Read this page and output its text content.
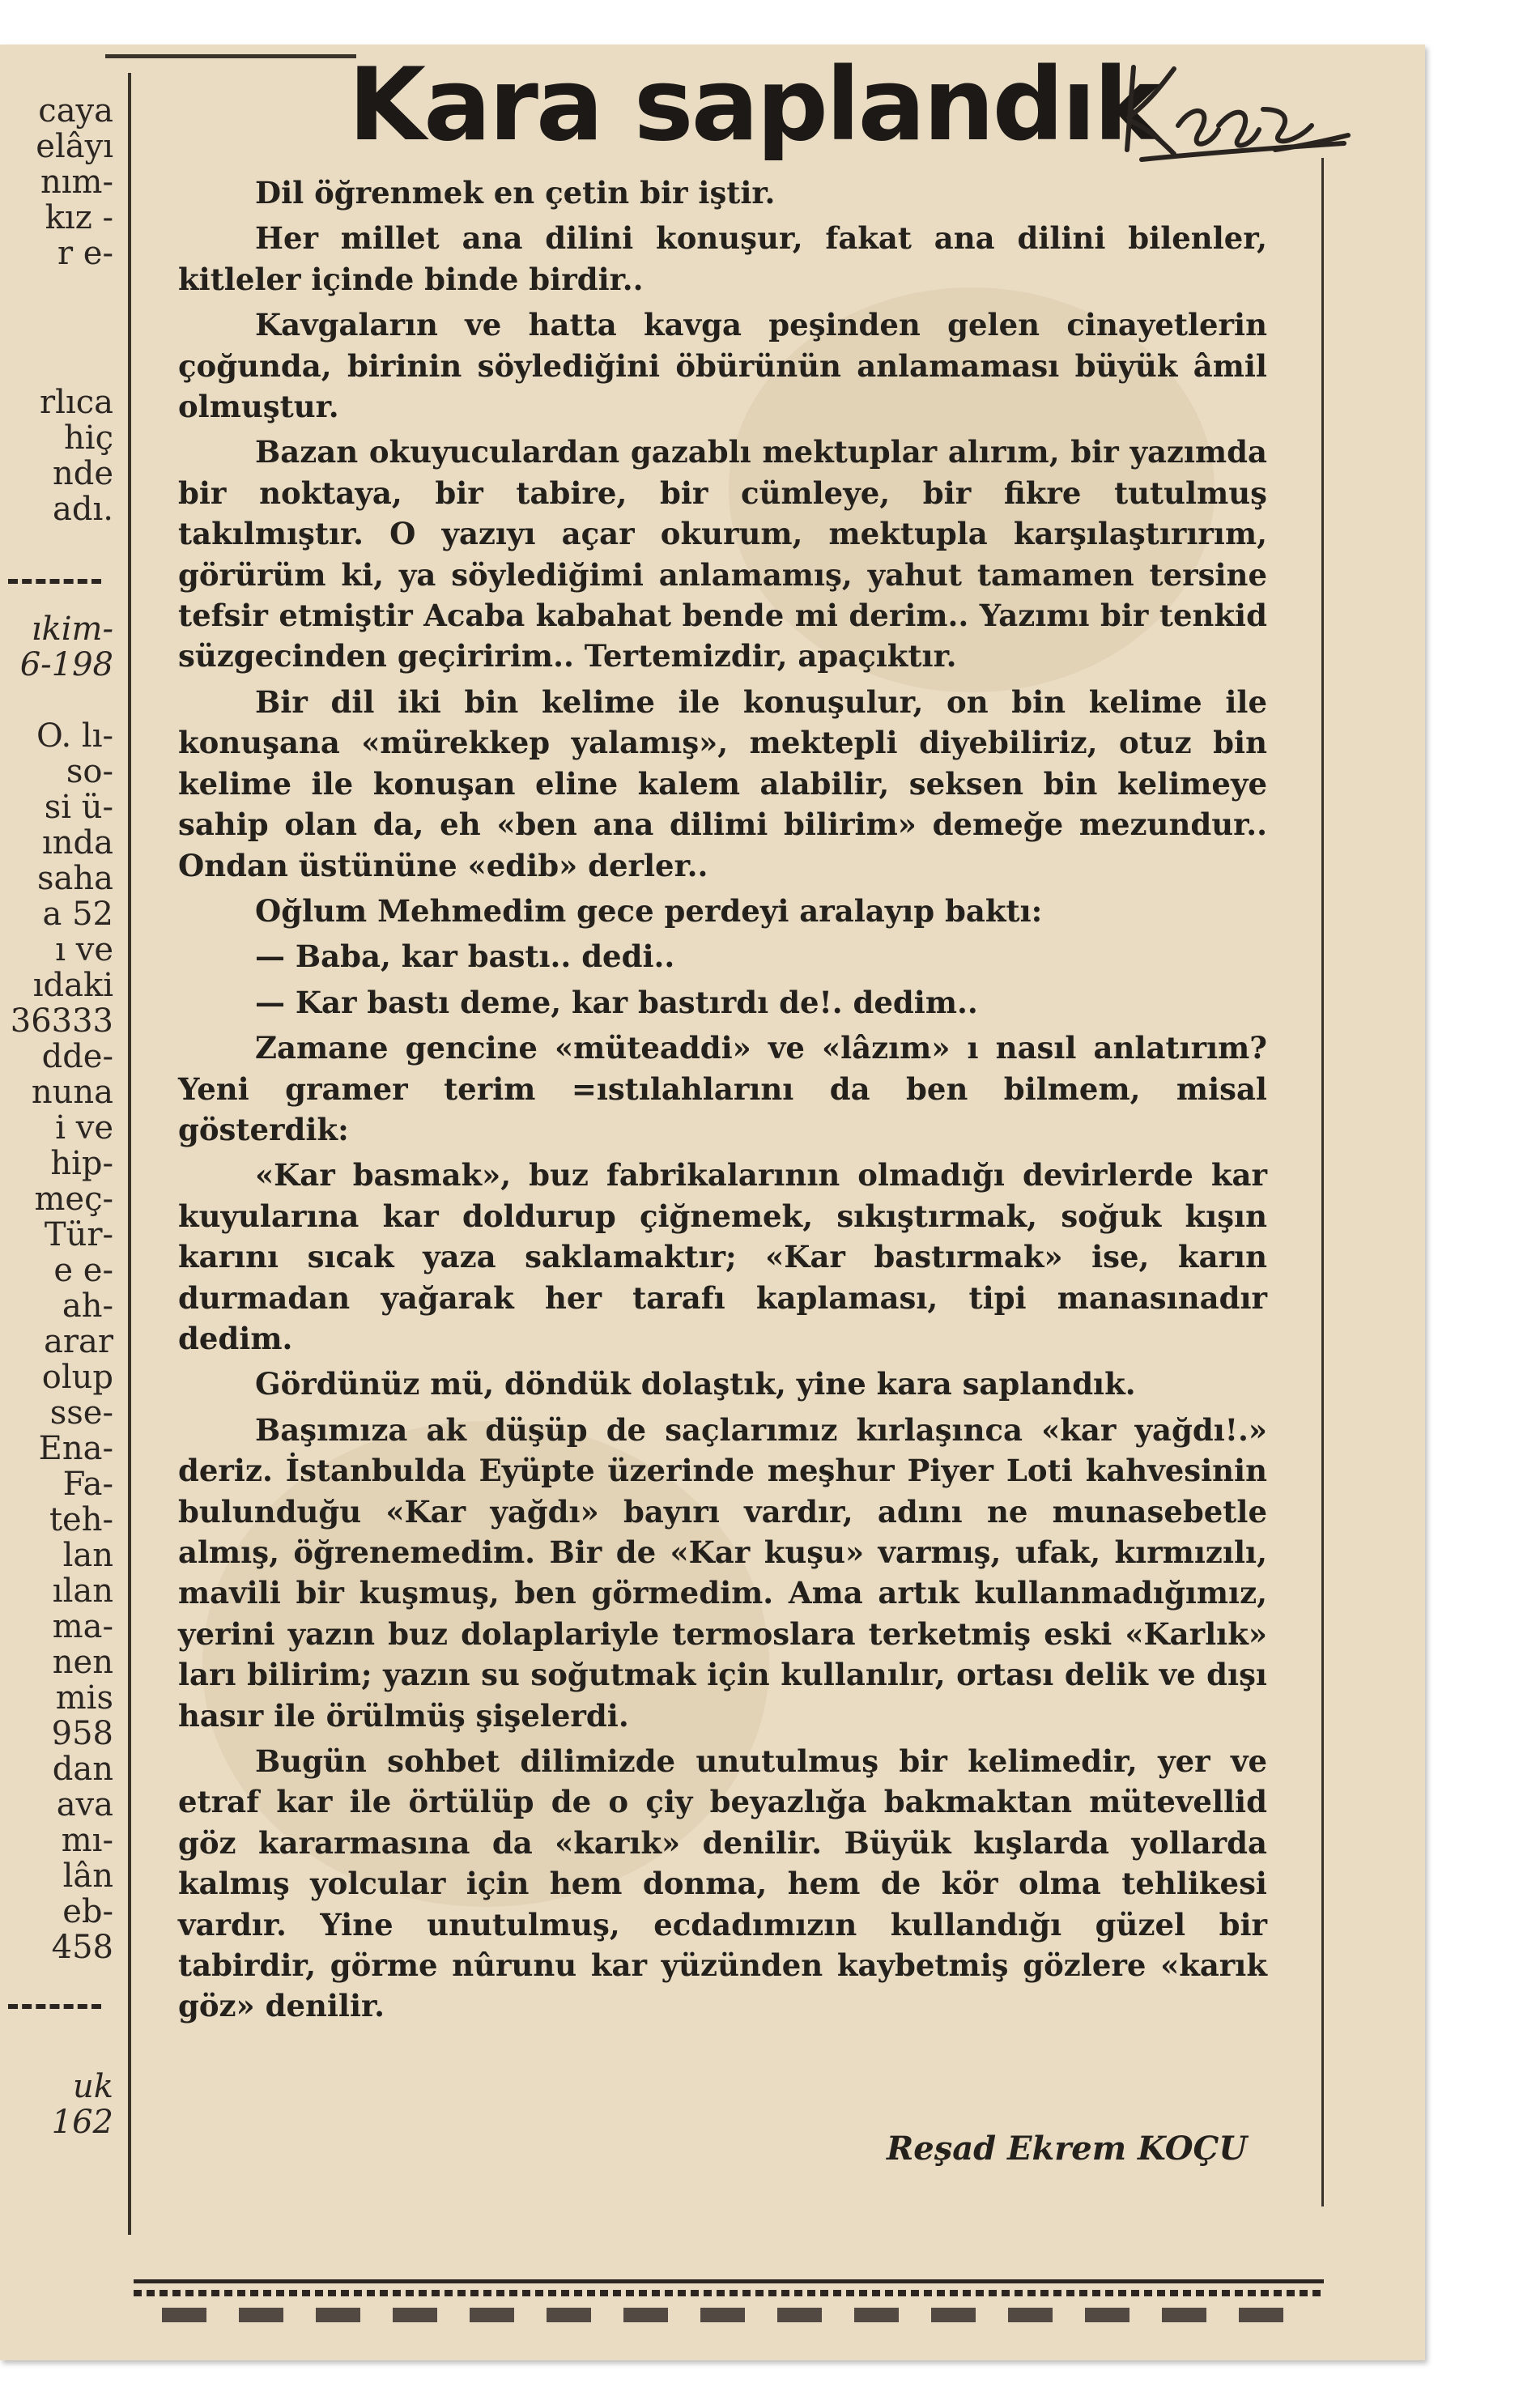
caya
elâyı
nım-
kız -
r e-
rlıca
hiç
nde
adı.
ıkim-
6-198
O. lı-
so-
si ü-
ında
saha
a 52
ı ve
ıdaki
36333
dde-
nuna
i ve
hip-
meç-
Tür-
e e-
ah-
arar
olup
sse-
Ena-
Fa-
teh-
lan
ılan
ma-
nen
mis
958
dan
ava
mı-
lân
eb-
458
uk
162
Kara saplandık

Dil öğrenmek en çetin bir iştir.

Her millet ana dilini konuşur, fakat ana dilini bilenler, kitleler içinde binde birdir..

Kavgaların ve hatta kavga peşinden gelen cinayetlerin çoğunda, birinin söylediğini öbürünün anlamaması büyük âmil olmuştur.

Bazan okuyuculardan gazablı mektuplar alırım, bir yazımda bir noktaya, bir tabire, bir cümleye, bir fikre tutulmuş takılmıştır. O yazıyı açar okurum, mektupla karşılaştırırım, görürüm ki, ya söylediğimi anlamamış, yahut tamamen tersine tefsir etmiştir Acaba kabahat bende mi derim.. Yazımı bir tenkid süzgecinden geçiririm.. Tertemizdir, apaçıktır.

Bir dil iki bin kelime ile konuşulur, on bin kelime ile konuşana «mürekkep yalamış», mektepli diyebiliriz, otuz bin kelime ile konuşan eline kalem alabilir, seksen bin kelimeye sahip olan da, eh «ben ana dilimi bilirim» demeğe mezundur.. Ondan üstününe «edib» derler..

Oğlum Mehmedim gece perdeyi aralayıp baktı:

— Baba, kar bastı.. dedi..

— Kar bastı deme, kar bastırdı de!. dedim..

Zamane gencine «müteaddi» ve «lâzım» ı nasıl anlatırım? Yeni gramer terim =ıstılahlarını da ben bilmem, misal gösterdik:

«Kar basmak», buz fabrikalarının olmadığı devirlerde kar kuyularına kar doldurup çiğnemek, sıkıştırmak, soğuk kışın karını sıcak yaza saklamaktır; «Kar bastırmak» ise, karın durmadan yağarak her tarafı kaplaması, tipi manasınadır dedim.

Gördünüz mü, döndük dolaştık, yine kara saplandık.

Başımıza ak düşüp de saçlarımız kırlaşınca «kar yağdı!.» deriz. İstanbulda Eyüpte üzerinde meşhur Piyer Loti kahvesinin bulunduğu «Kar yağdı» bayırı vardır, adını ne munasebetle almış, öğrenemedim. Bir de «Kar kuşu» varmış, ufak, kırmızılı, mavili bir kuşmuş, ben görmedim. Ama artık kullanmadığımız, yerini yazın buz dolaplariyle termoslara terketmiş eski «Karlık» ları bilirim; yazın su soğutmak için kullanılır, ortası delik ve dışı hasır ile örülmüş şişelerdi.

Bugün sohbet dilimizde unutulmuş bir kelimedir, yer ve etraf kar ile örtülüp de o çiy beyazlığa bakmaktan mütevellid göz kararmasına da «karık» denilir. Büyük kışlarda yollarda kalmış yolcular için hem donma, hem de kör olma tehlikesi vardır. Yine unutulmuş, ecdadımızın kullandığı güzel bir tabirdir, görme nûrunu kar yüzünden kaybetmiş gözlere «karık göz» denilir.

Reşad Ekrem KOÇU
